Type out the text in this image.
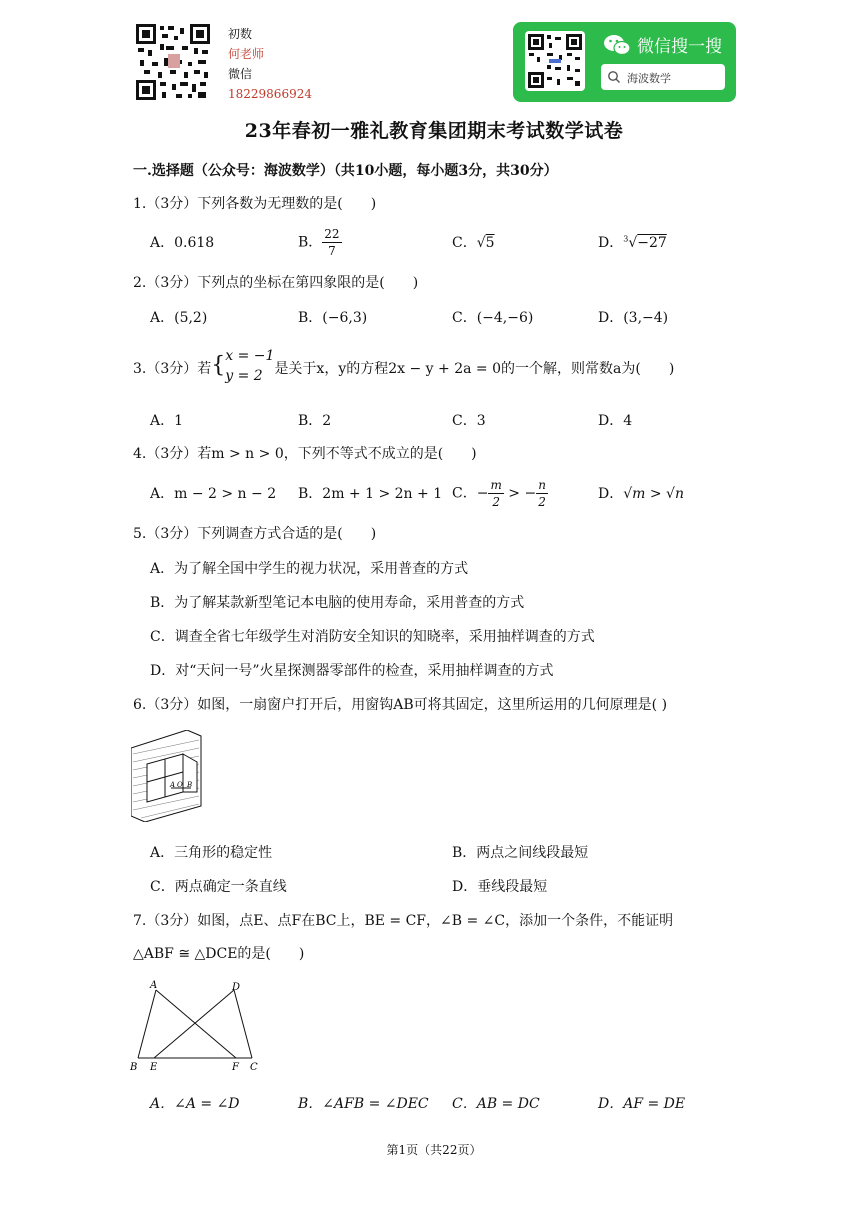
初数
何老师
微信
18229866924
微信搜一搜
海波数学
23年春初一雅礼教育集团期末考试数学试卷
一.选择题（公众号：海波数学）（共10小题，每小题3分，共30分）
1.（3分）下列各数为无理数的是(　　)
A．0.618	B． $\frac{22}{7}$	C．√5	D．$^3$√−27
2.（3分）下列点的坐标在第四象限的是(　　)
A．(5,2)	B．(−6,3)	C．(−4,−6)	D．(3,−4)
3.（3分）若{ x = −1
y = 2 是关于x，y的方程2x − y + 2a = 0的一个解，则常数a为(　　)
A．1	B．2	C．3	D．4
4.（3分）若m > n > 0，下列不等式不成立的是(　　)
A．m − 2 > n − 2 B．2m + 1 > 2n + 1 C．− $\frac{m}{2}$ > − $\frac{n}{2}$	D．√m > √n
5.（3分）下列调查方式合适的是(　　)
A．为了解全国中学生的视力状况，采用普查的方式
B．为了解某款新型笔记本电脑的使用寿命，采用普查的方式
C．调查全省七年级学生对消防安全知识的知晓率，采用抽样调查的方式
D．对“天问一号”火星探测器零部件的检查，采用抽样调查的方式
6.（3分）如图，一扇窗户打开后，用窗钩AB可将其固定，这里所运用的几何原理是( )
A O B
A．三角形的稳定性	B．两点之间线段最短
C．两点确定一条直线	D．垂线段最短
7.（3分）如图，点E、点F在BC上，BE = CF，∠B = ∠C，添加一个条件，不能证明
△ABF ≅ △DCE的是(　　)
A	D
B E	F C
A．∠A = ∠D	B．∠AFB = ∠DEC C．AB = DC	D．AF = DE
第1页（共22页）
